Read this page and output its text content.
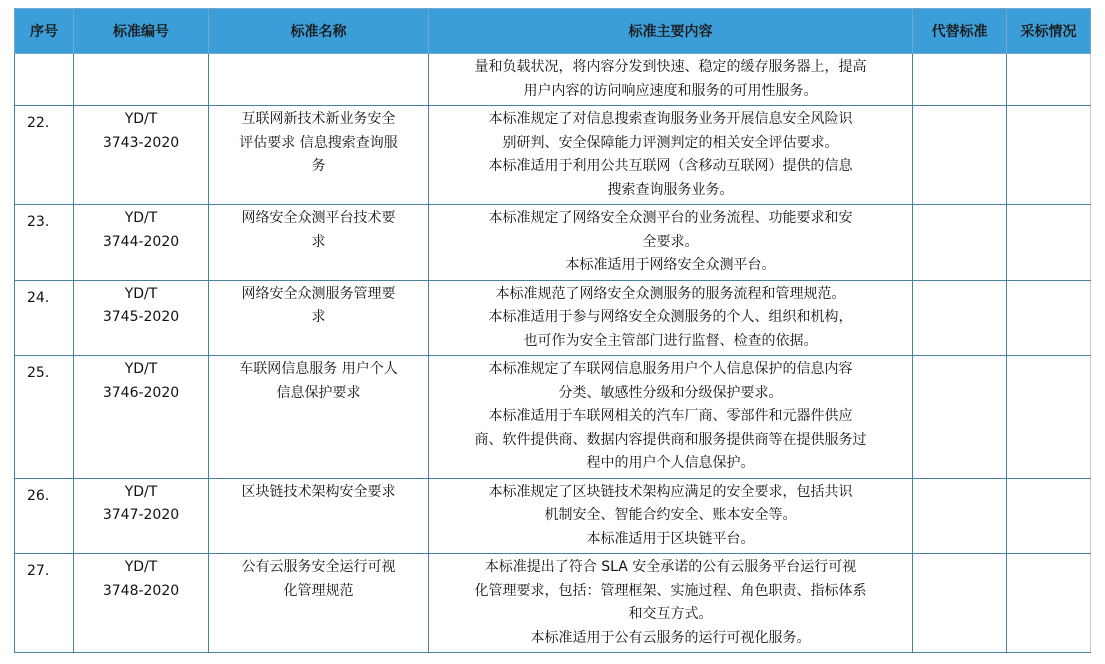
序号	标准编号	标准名称	标准主要内容	代替标准	采标情况

			量和负载状况，将内容分发到快速、稳定的缓存服务器上，提高
用户内容的访问响应速度和服务的可用性服务。		

22.	YD/T
3743-2020	互联网新技术新业务安全
评估要求 信息搜索查询服
务	本标准规定了对信息搜索查询服务业务开展信息安全风险识
别研判、安全保障能力评测判定的相关安全评估要求。
本标准适用于利用公共互联网（含移动互联网）提供的信息
搜索查询服务业务。		

23.	YD/T
3744-2020	网络安全众测平台技术要
求	本标准规定了网络安全众测平台的业务流程、功能要求和安
全要求。
本标准适用于网络安全众测平台。		

24.	YD/T
3745-2020	网络安全众测服务管理要
求	本标准规范了网络安全众测服务的服务流程和管理规范。
本标准适用于参与网络安全众测服务的个人、组织和机构，
也可作为安全主管部门进行监督、检查的依据。		

25.	YD/T
3746-2020	车联网信息服务 用户个人
信息保护要求	本标准规定了车联网信息服务用户个人信息保护的信息内容
分类、敏感性分级和分级保护要求。
本标准适用于车联网相关的汽车厂商、零部件和元器件供应
商、软件提供商、数据内容提供商和服务提供商等在提供服务过
程中的用户个人信息保护。		

26.	YD/T
3747-2020	区块链技术架构安全要求	本标准规定了区块链技术架构应满足的安全要求，包括共识
机制安全、智能合约安全、账本安全等。
本标准适用于区块链平台。		

27.	YD/T
3748-2020	公有云服务安全运行可视
化管理规范	本标准提出了符合 SLA 安全承诺的公有云服务平台运行可视
化管理要求，包括：管理框架、实施过程、角色职责、指标体系
和交互方式。
本标准适用于公有云服务的运行可视化服务。		
